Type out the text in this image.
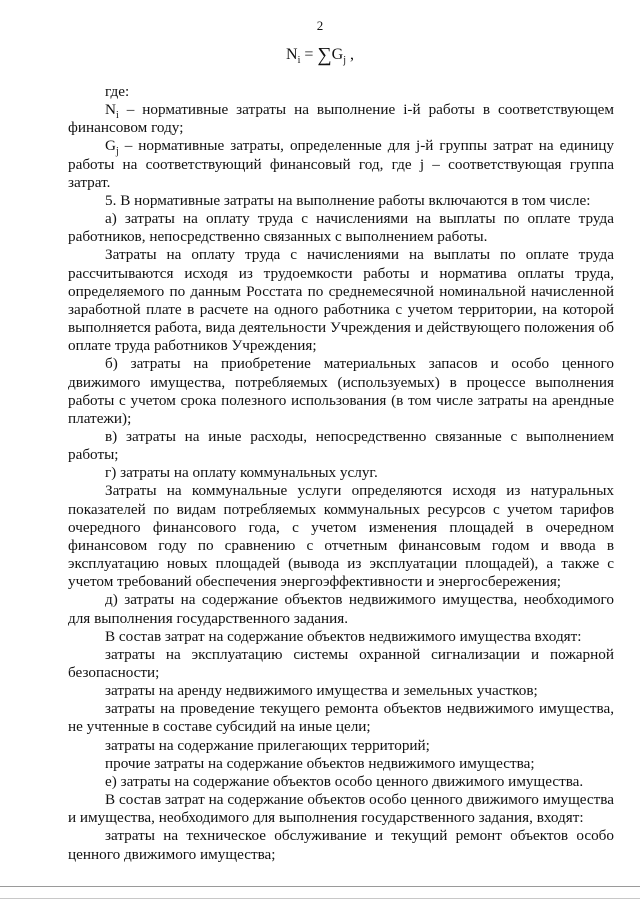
2
$N_i = \sum G_j$ ,

где:

$N_i$ – нормативные затраты на выполнение i-й работы в соответствующем финансовом году;

$G_j$ – нормативные затраты, определенные для j-й группы затрат на единицу работы на соответствующий финансовый год, где j – соответствующая группа затрат.

5. В нормативные затраты на выполнение работы включаются в том числе:

а) затраты на оплату труда с начислениями на выплаты по оплате труда работников, непосредственно связанных с выполнением работы.

Затраты на оплату труда с начислениями на выплаты по оплате труда рассчитываются исходя из трудоемкости работы и норматива оплаты труда, определяемого по данным Росстата по среднемесячной номинальной начисленной заработной плате в расчете на одного работника с учетом территории, на которой выполняется работа, вида деятельности Учреждения и действующего положения об оплате труда работников Учреждения;

б) затраты на приобретение материальных запасов и особо ценного движимого имущества, потребляемых (используемых) в процессе выполнения работы с учетом срока полезного использования (в том числе затраты на арендные платежи);

в) затраты на иные расходы, непосредственно связанные с выполнением работы;

г) затраты на оплату коммунальных услуг.

Затраты на коммунальные услуги определяются исходя из натуральных показателей по видам потребляемых коммунальных ресурсов с учетом тарифов очередного финансового года, с учетом изменения площадей в очередном финансовом году по сравнению с отчетным финансовым годом и ввода в эксплуатацию новых площадей (вывода из эксплуатации площадей), а также с учетом требований обеспечения энергоэффективности и энергосбережения;

д) затраты на содержание объектов недвижимого имущества, необходимого для выполнения государственного задания.

В состав затрат на содержание объектов недвижимого имущества входят:

затраты на эксплуатацию системы охранной сигнализации и пожарной безопасности;

затраты на аренду недвижимого имущества и земельных участков;

затраты на проведение текущего ремонта объектов недвижимого имущества, не учтенные в составе субсидий на иные цели;

затраты на содержание прилегающих территорий;

прочие затраты на содержание объектов недвижимого имущества;

е) затраты на содержание объектов особо ценного движимого имущества.

В состав затрат на содержание объектов особо ценного движимого имущества и имущества, необходимого для выполнения государственного задания, входят:

затраты на техническое обслуживание и текущий ремонт объектов особо ценного движимого имущества;
